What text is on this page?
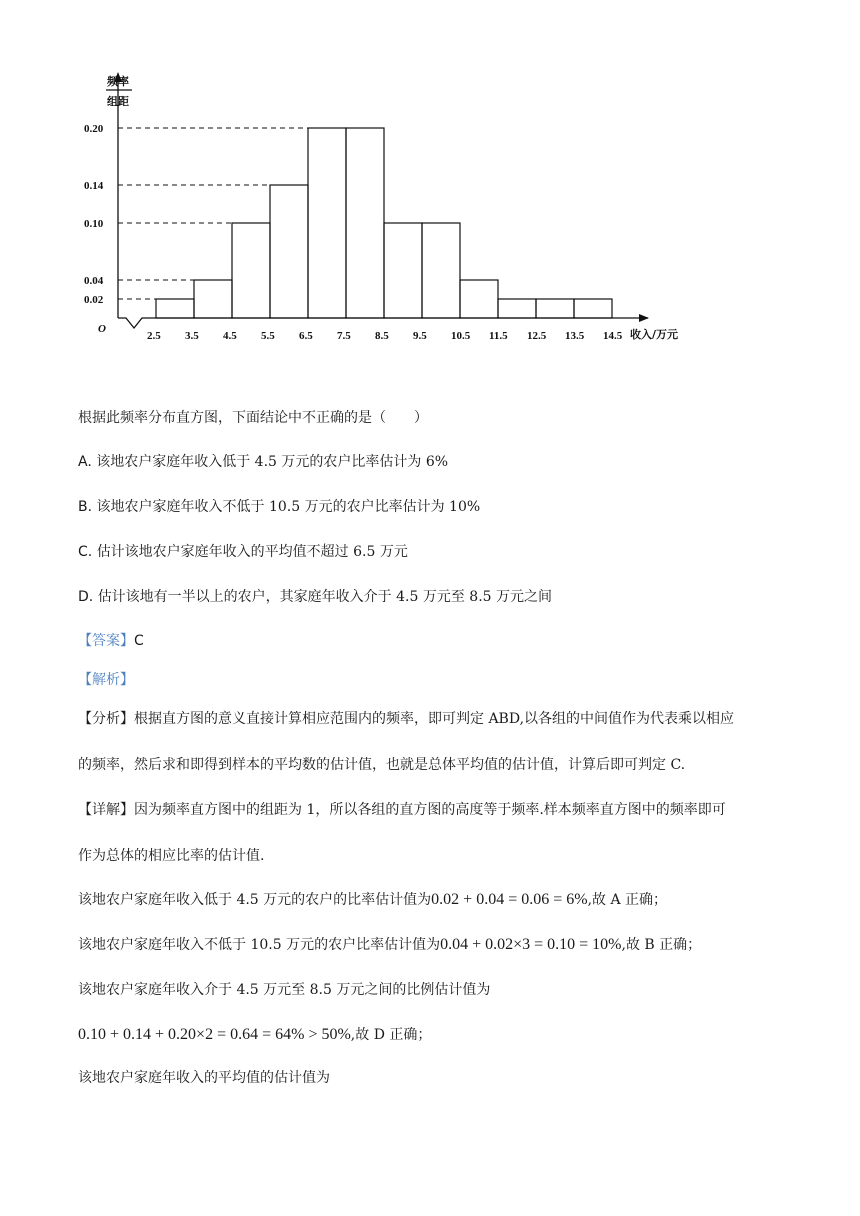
0.02
0.04
0.10
0.14
0.20
2.5 3.5 4.5 5.5 6.5 7.5 8.5 9.5 10.5 11.5 12.5 13.5 14.5
频率
组距
收入/万元
O
根据此频率分布直方图，下面结论中不正确的是（　　）
A. 该地农户家庭年收入低于 4.5 万元的农户比率估计为 6%
B. 该地农户家庭年收入不低于 10.5 万元的农户比率估计为 10%
C. 估计该地农户家庭年收入的平均值不超过 6.5 万元
D. 估计该地有一半以上的农户，其家庭年收入介于 4.5 万元至 8.5 万元之间
【答案】C
【解析】
【分析】根据直方图的意义直接计算相应范围内的频率，即可判定 ABD,以各组的中间值作为代表乘以相应
的频率，然后求和即得到样本的平均数的估计值，也就是总体平均值的估计值，计算后即可判定 C.
【详解】因为频率直方图中的组距为 1，所以各组的直方图的高度等于频率.样本频率直方图中的频率即可
作为总体的相应比率的估计值.
该地农户家庭年收入低于 4.5 万元的农户的比率估计值为0.02 + 0.04 = 0.06 = 6%,故 A 正确；
该地农户家庭年收入不低于 10.5 万元的农户比率估计值为0.04 + 0.02×3 = 0.10 = 10%,故 B 正确；
该地农户家庭年收入介于 4.5 万元至 8.5 万元之间的比例估计值为
0.10 + 0.14 + 0.20×2 = 0.64 = 64% > 50%,故 D 正确；
该地农户家庭年收入的平均值的估计值为
